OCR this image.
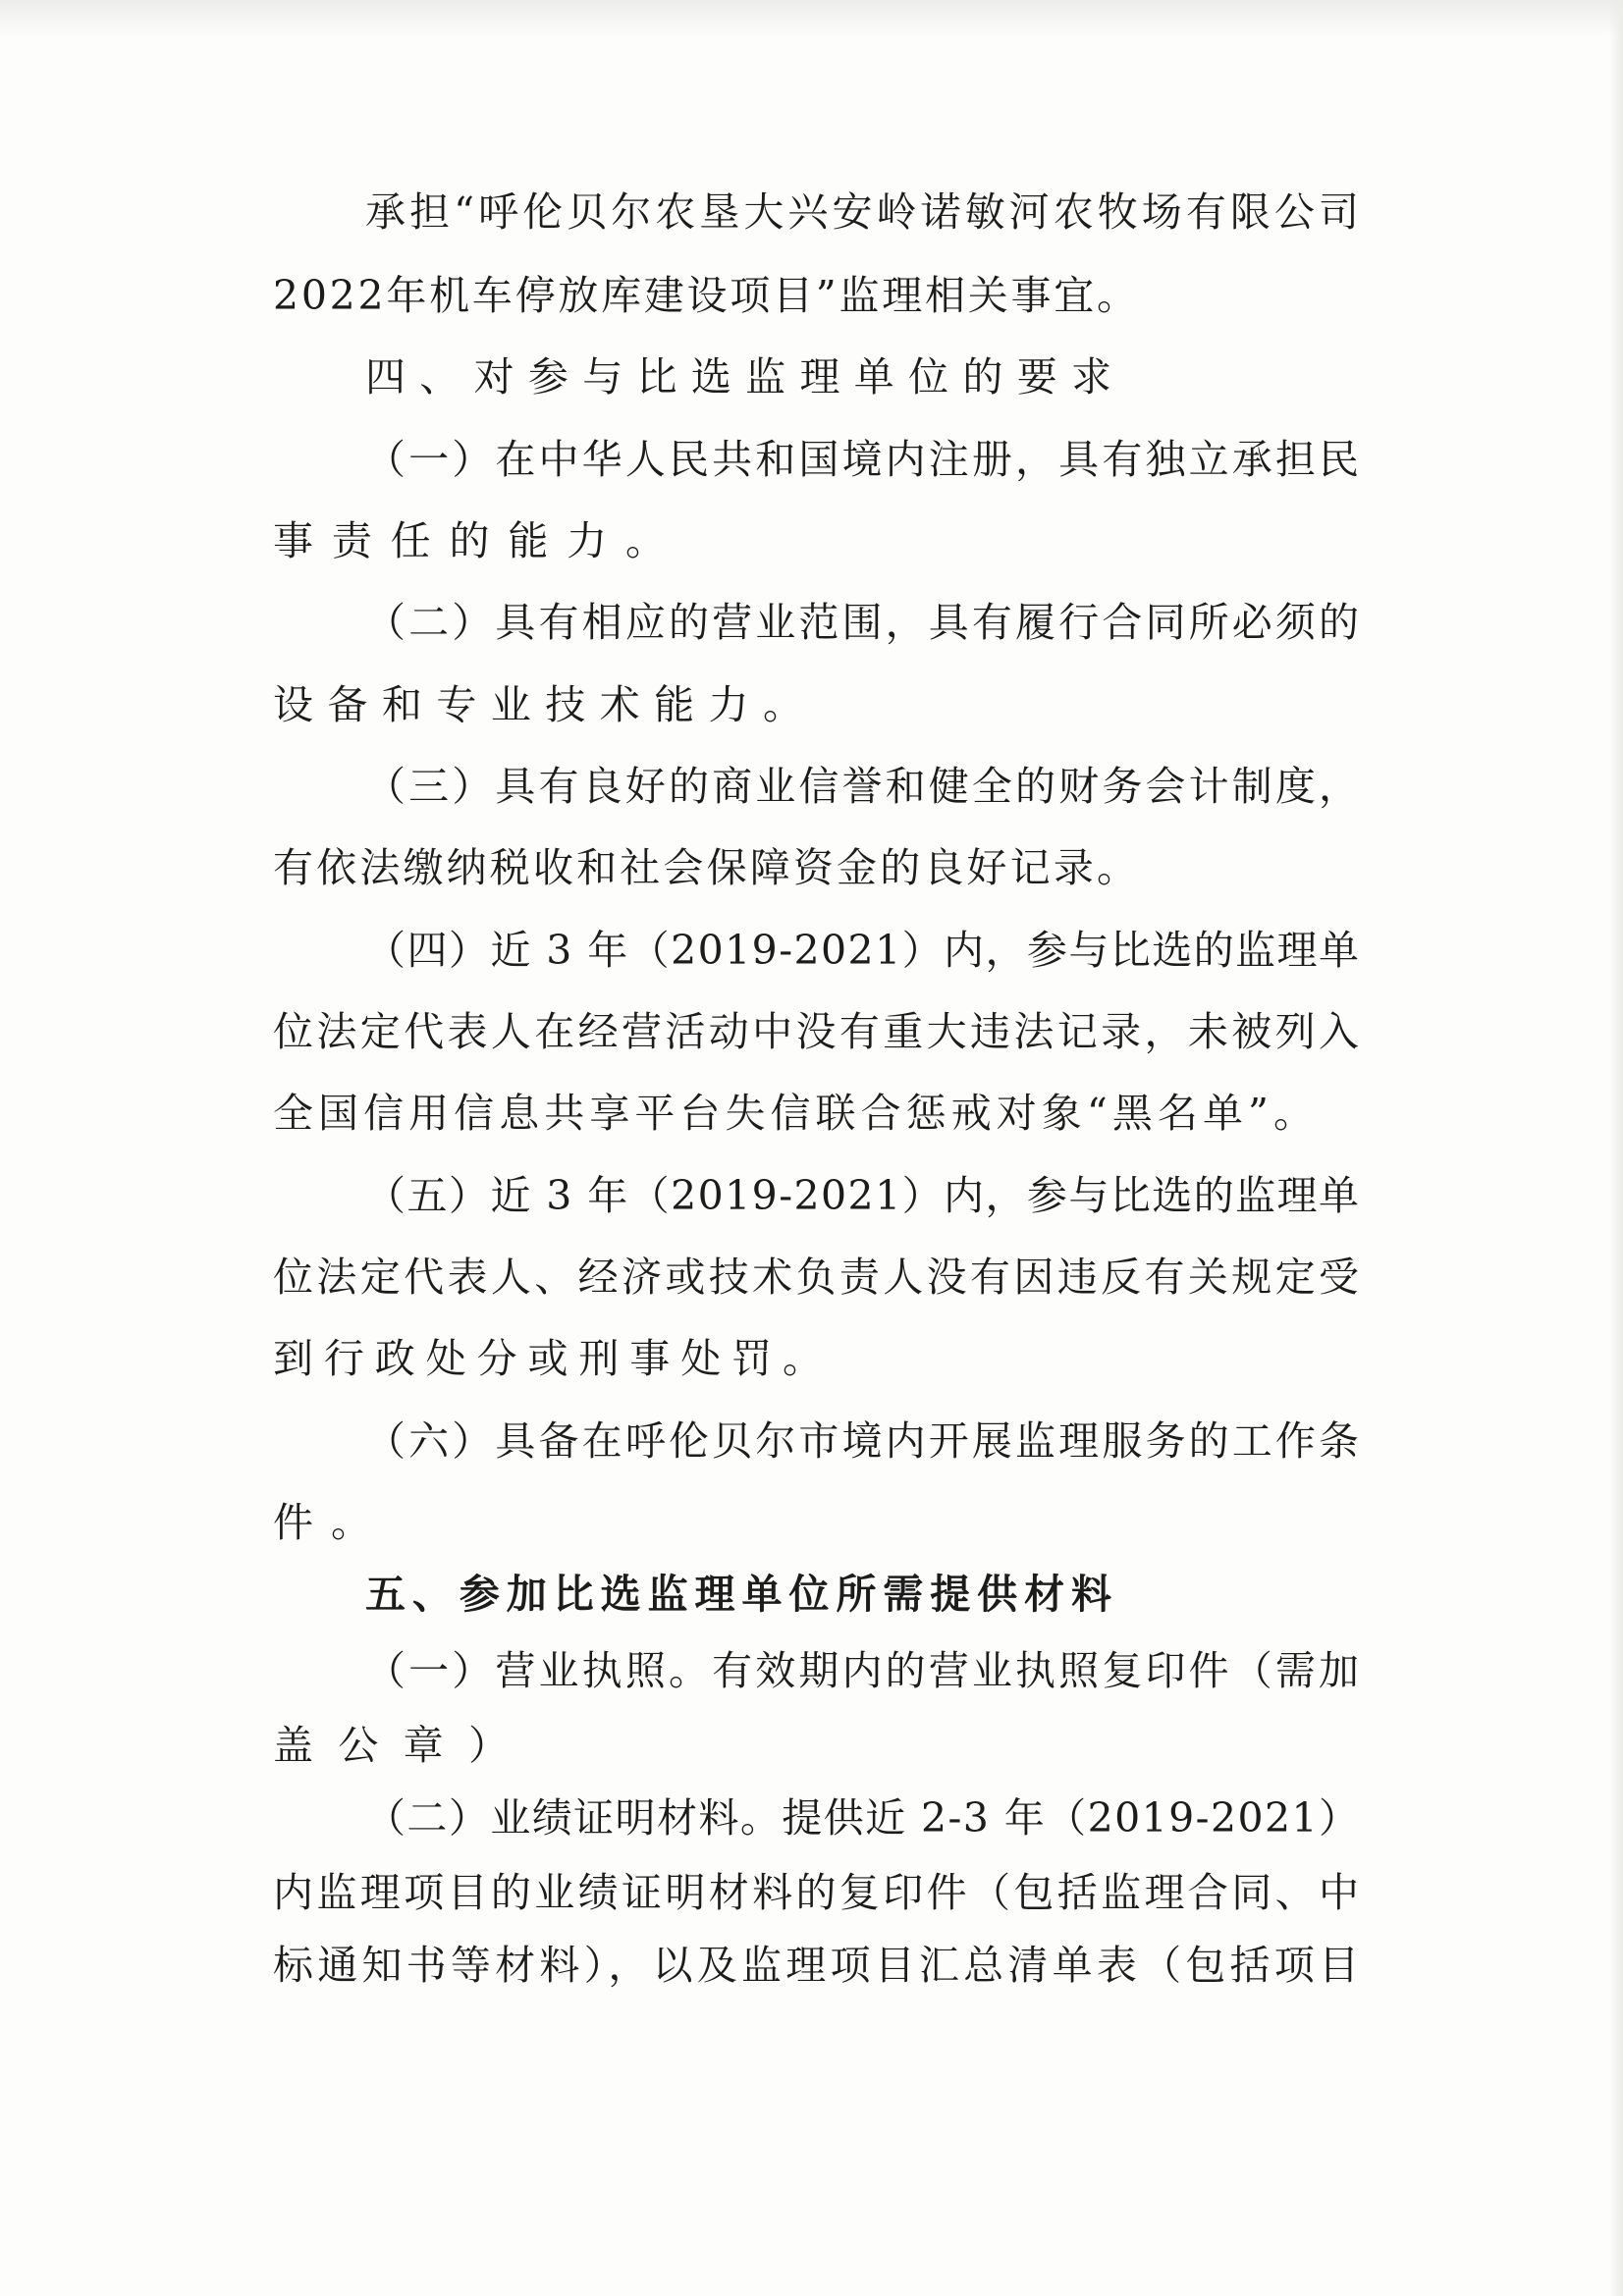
承担“呼伦贝尔农垦大兴安岭诺敏河农牧场有限公司
2022年机车停放库建设项目”监理相关事宜。
四、对参与比选监理单位的要求
（一）在中华人民共和国境内注册，具有独立承担民
事责任的能力。
（二）具有相应的营业范围，具有履行合同所必须的
设备和专业技术能力。
（三）具有良好的商业信誉和健全的财务会计制度，
有依法缴纳税收和社会保障资金的良好记录。
（四）近 3 年（2019-2021）内，参与比选的监理单
位法定代表人在经营活动中没有重大违法记录，未被列入
全国信用信息共享平台失信联合惩戒对象“黑名单”。
（五）近 3 年（2019-2021）内，参与比选的监理单
位法定代表人、经济或技术负责人没有因违反有关规定受
到行政处分或刑事处罚。
（六）具备在呼伦贝尔市境内开展监理服务的工作条
件。
五、参加比选监理单位所需提供材料
（一）营业执照。有效期内的营业执照复印件（需加
盖公章）
（二）业绩证明材料。提供近 2-3 年（2019-2021）
内监理项目的业绩证明材料的复印件（包括监理合同、中
标通知书等材料），以及监理项目汇总清单表（包括项目
